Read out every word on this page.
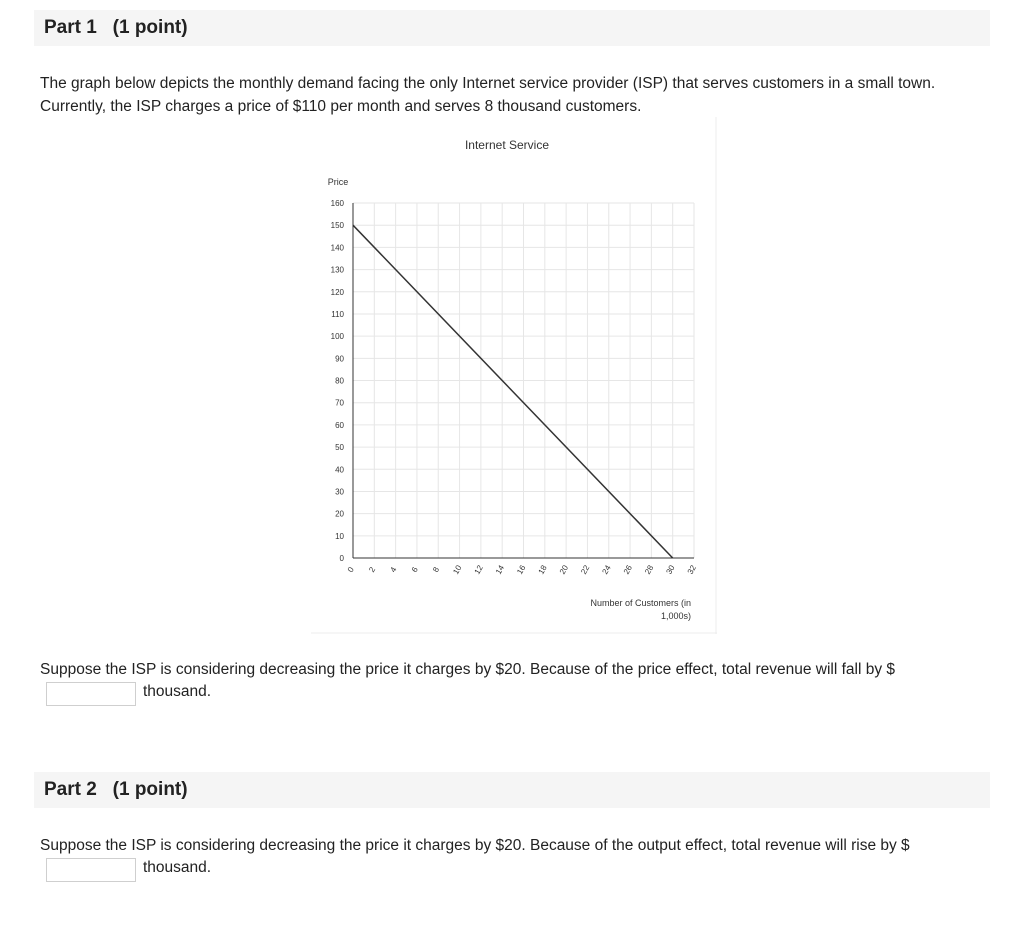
Part 1 (1 point)
The graph below depicts the monthly demand facing the only Internet service provider (ISP) that serves customers in a small town.
Currently, the ISP charges a price of $110 per month and serves 8 thousand customers.
Internet Service
Price
Number of Customers (in
1,000s)
0
10
20
30
40
50
60
70
80
90
100
110
120
130
140
150
160
0 2 4 6 8 10 12 14 16 18 20 22 24 26 28 30 32
Suppose the ISP is considering decreasing the price it charges by $20. Because of the price effect, total revenue will fall by $
thousand.
Part 2 (1 point)
Suppose the ISP is considering decreasing the price it charges by $20. Because of the output effect, total revenue will rise by $
thousand.
